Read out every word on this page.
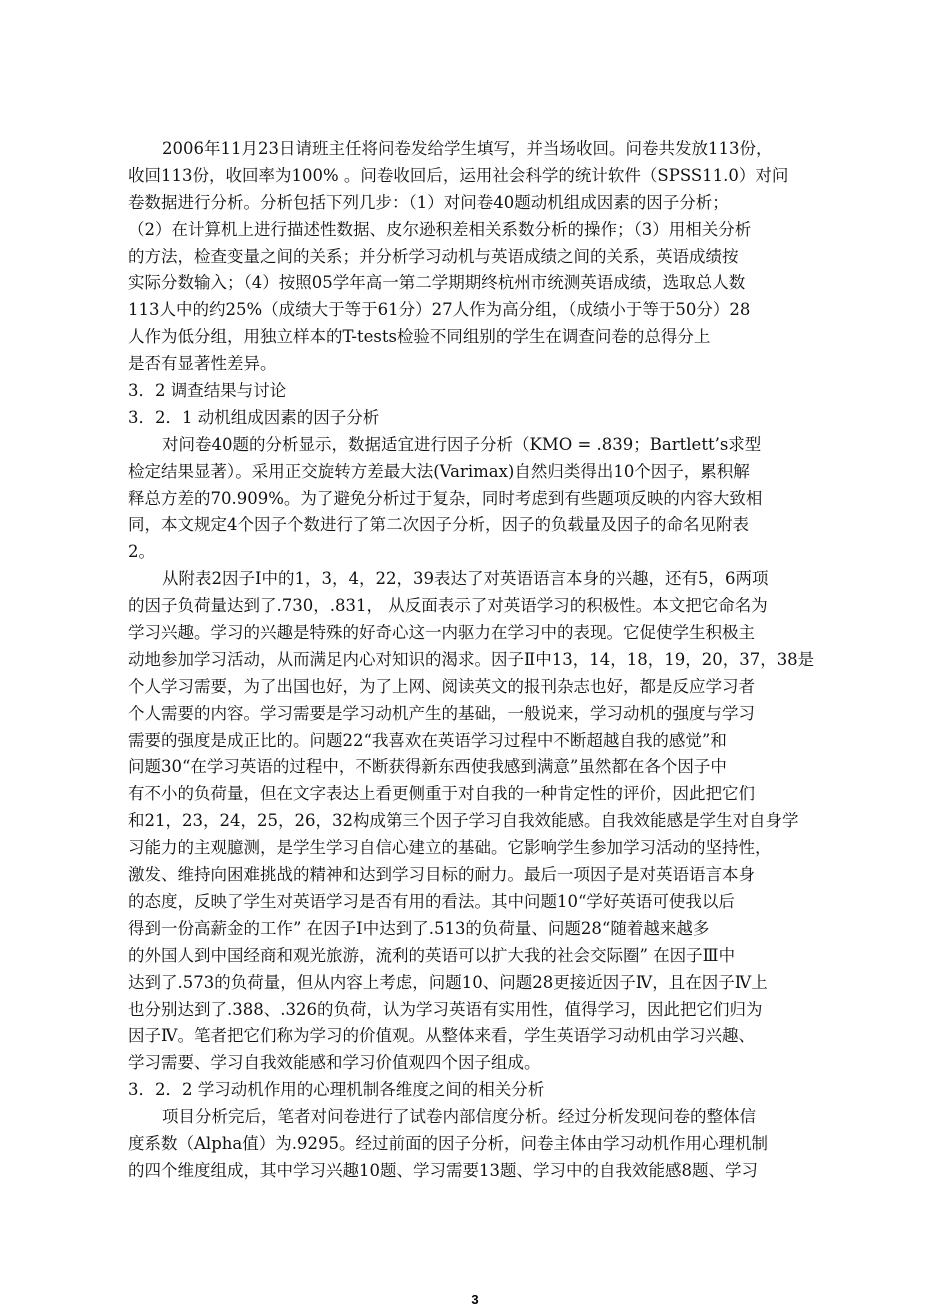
2006年11月23日请班主任将问卷发给学生填写，并当场收回。问卷共发放113份，
收回113份，收回率为100% 。问卷收回后，运用社会科学的统计软件（SPSS11.0）对问
卷数据进行分析。分析包括下列几步：（1）对问卷40题动机组成因素的因子分析；
（2）在计算机上进行描述性数据、皮尔逊积差相关系数分析的操作；（3）用相关分析
的方法，检查变量之间的关系；并分析学习动机与英语成绩之间的关系，英语成绩按
实际分数输入；（4）按照05学年高一第二学期期终杭州市统测英语成绩，选取总人数
113人中的约25%（成绩大于等于61分）27人作为高分组，（成绩小于等于50分）28
人作为低分组，用独立样本的T-tests检验不同组别的学生在调查问卷的总得分上
是否有显著性差异。
3．2 调查结果与讨论
3．2．1 动机组成因素的因子分析
对问卷40题的分析显示，数据适宜进行因子分析（KMO = .839；Bartlett’s求型
检定结果显著）。采用正交旋转方差最大法(Varimax)自然归类得出10个因子，累积解
释总方差的70.909%。为了避免分析过于复杂，同时考虑到有些题项反映的内容大致相
同，本文规定4个因子个数进行了第二次因子分析，因子的负载量及因子的命名见附表
2。
从附表2因子Ⅰ中的1，3，4，22，39表达了对英语语言本身的兴趣，还有5，6两项
的因子负荷量达到了.730，.831， 从反面表示了对英语学习的积极性。本文把它命名为
学习兴趣。学习的兴趣是特殊的好奇心这一内驱力在学习中的表现。它促使学生积极主
动地参加学习活动，从而满足内心对知识的渴求。因子Ⅱ中13，14，18，19，20，37，38是
个人学习需要，为了出国也好，为了上网、阅读英文的报刊杂志也好，都是反应学习者
个人需要的内容。学习需要是学习动机产生的基础，一般说来，学习动机的强度与学习
需要的强度是成正比的。问题22“我喜欢在英语学习过程中不断超越自我的感觉”和
问题30“在学习英语的过程中，不断获得新东西使我感到满意”虽然都在各个因子中
有不小的负荷量，但在文字表达上看更侧重于对自我的一种肯定性的评价，因此把它们
和21，23，24，25，26，32构成第三个因子学习自我效能感。自我效能感是学生对自身学
习能力的主观臆测，是学生学习自信心建立的基础。它影响学生参加学习活动的坚持性，
激发、维持向困难挑战的精神和达到学习目标的耐力。最后一项因子是对英语语言本身
的态度，反映了学生对英语学习是否有用的看法。其中问题10“学好英语可使我以后
得到一份高薪金的工作” 在因子Ⅰ中达到了.513的负荷量、问题28“随着越来越多
的外国人到中国经商和观光旅游，流利的英语可以扩大我的社会交际圈” 在因子Ⅲ中
达到了.573的负荷量，但从内容上考虑，问题10、问题28更接近因子Ⅳ，且在因子Ⅳ上
也分别达到了.388、.326的负荷，认为学习英语有实用性，值得学习，因此把它们归为
因子Ⅳ。笔者把它们称为学习的价值观。从整体来看，学生英语学习动机由学习兴趣、
学习需要、学习自我效能感和学习价值观四个因子组成。
3．2．2 学习动机作用的心理机制各维度之间的相关分析
项目分析完后，笔者对问卷进行了试卷内部信度分析。经过分析发现问卷的整体信
度系数（Alpha值）为.9295。经过前面的因子分析，问卷主体由学习动机作用心理机制
的四个维度组成，其中学习兴趣10题、学习需要13题、学习中的自我效能感8题、学习
3
